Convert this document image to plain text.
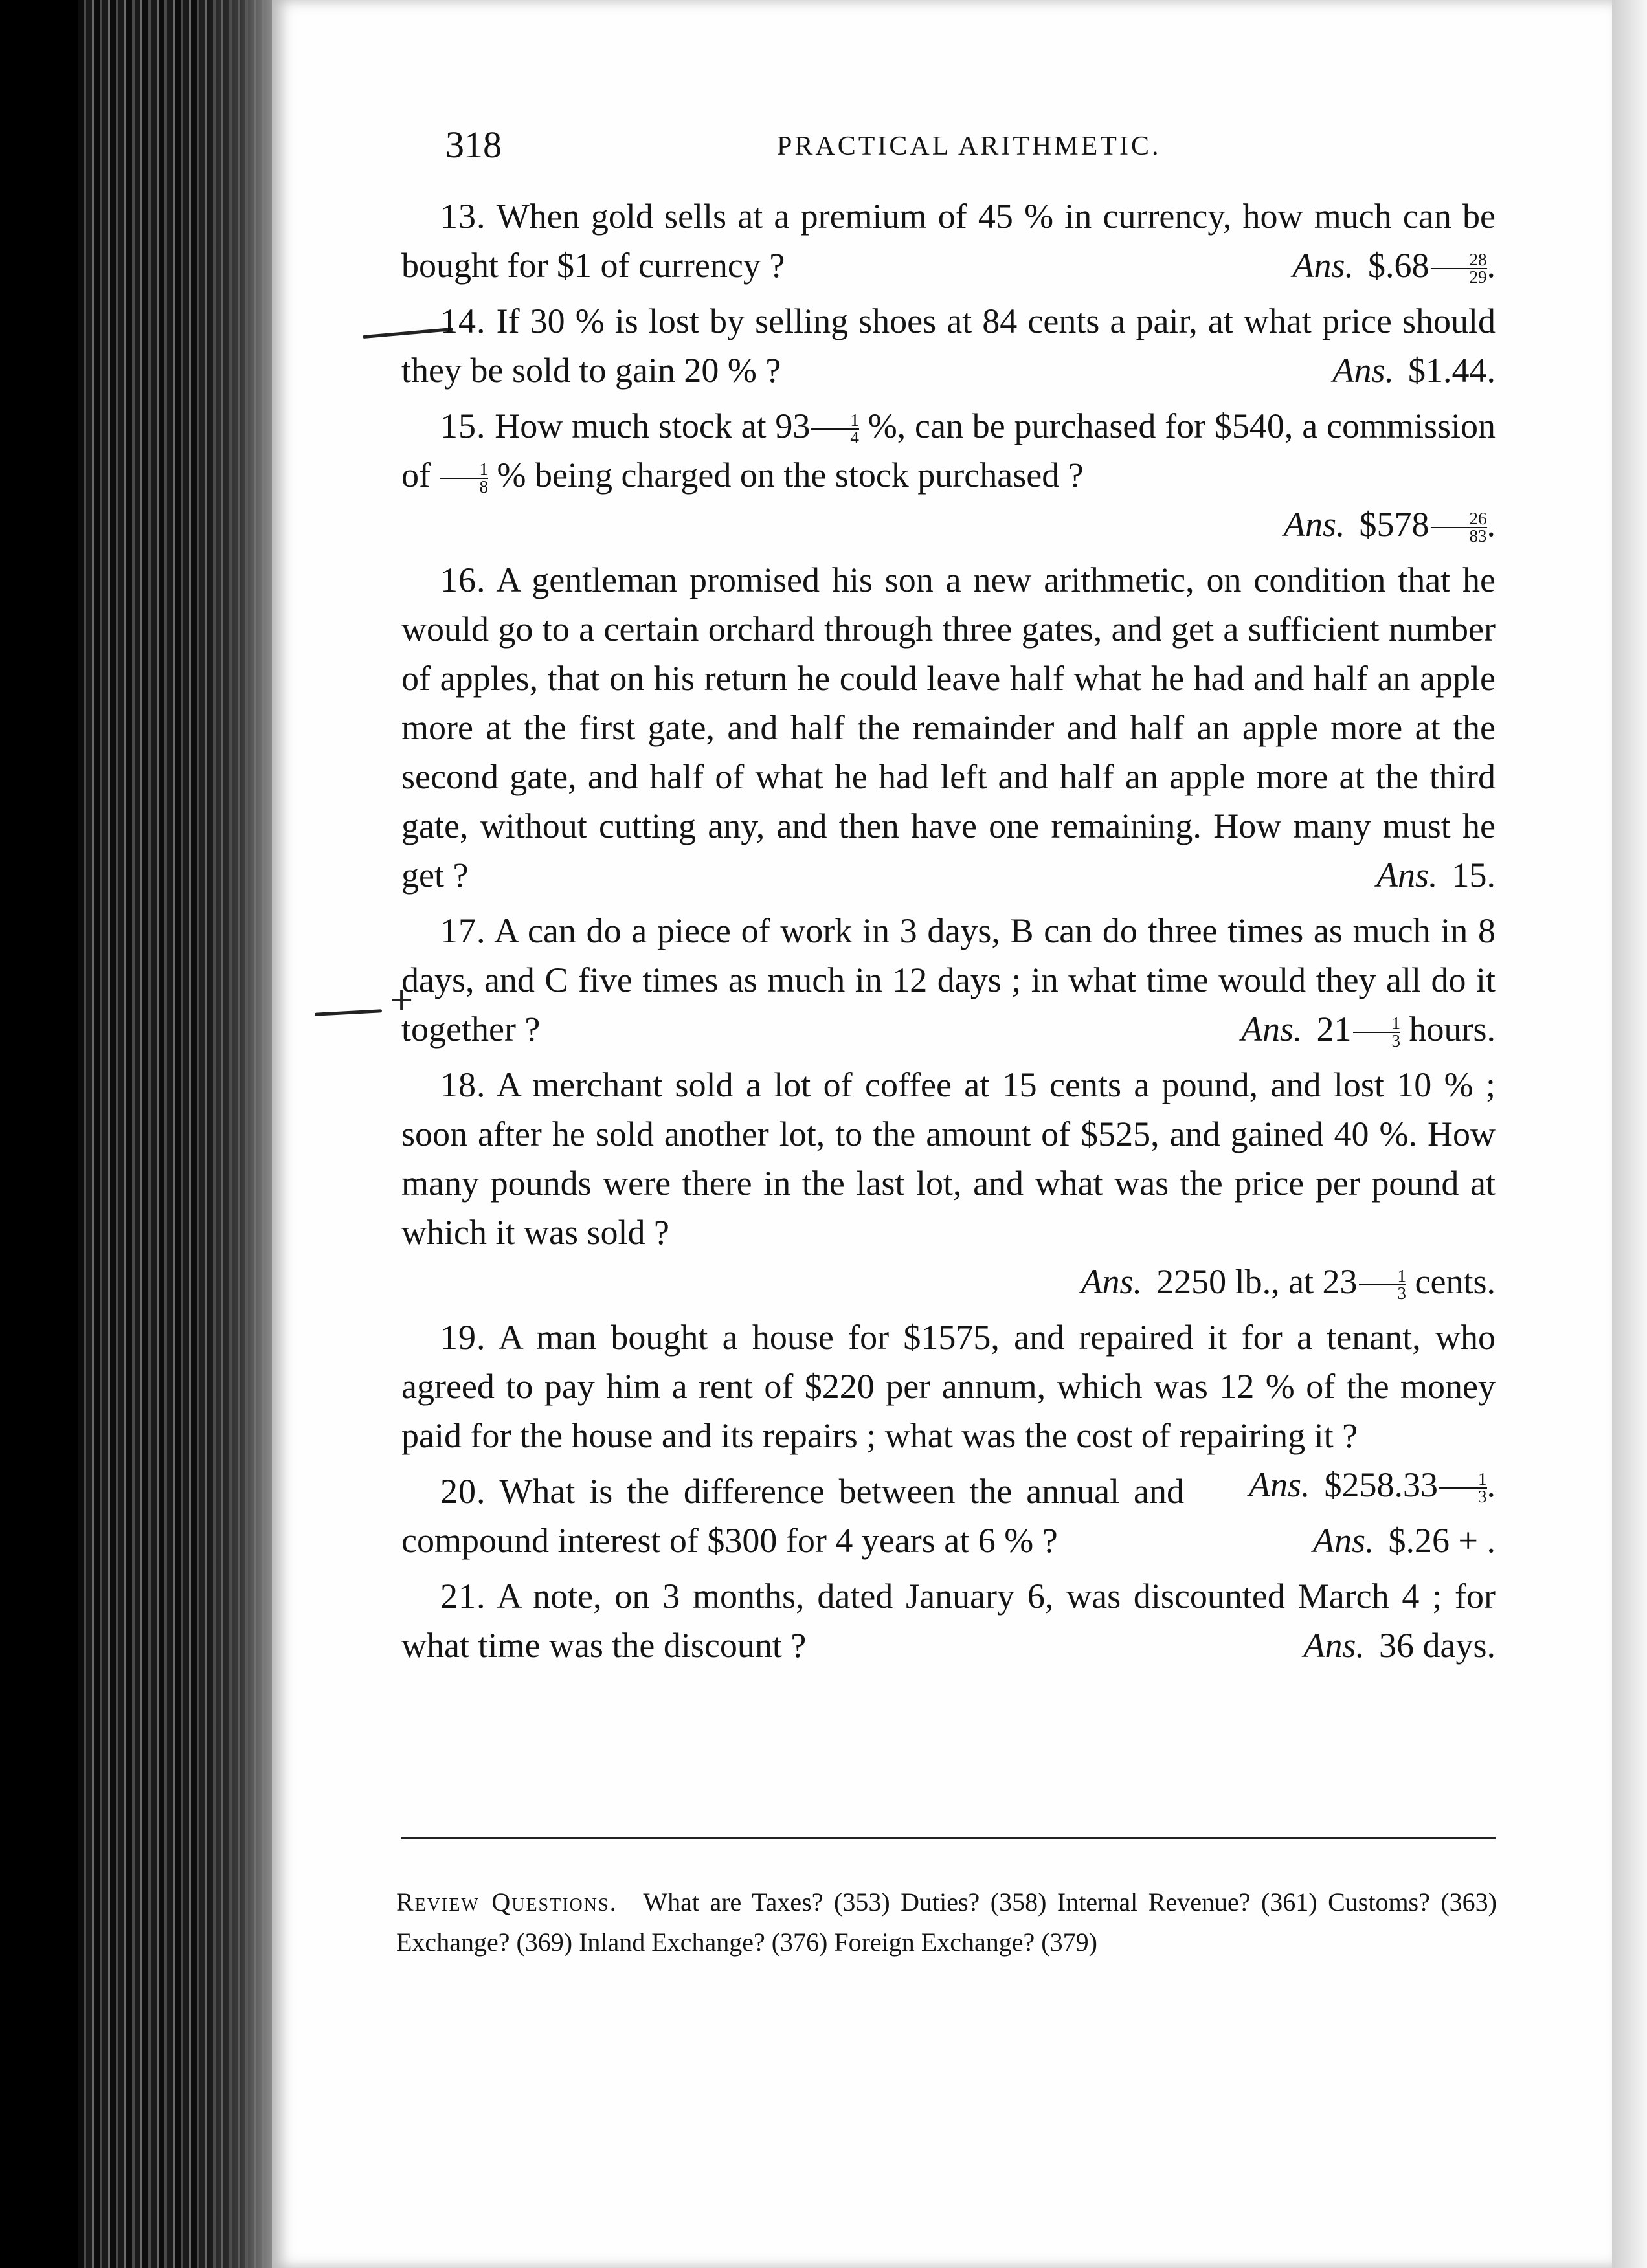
318	PRACTICAL ARITHMETIC.
+

13. When gold sells at a premium of 45 % in currency, how much can be bought for $1 of currency ?	Ans. $.68 $\frac{28}{29}$ .

14. If 30 % is lost by selling shoes at 84 cents a pair, at what price should they be sold to gain 20 % ?	Ans. $1.44.

15. How much stock at $93 \frac{1}{4}$ %, can be purchased for $540, a commission of $\frac{1}{8}$ % being charged on the stock purchased ?
Ans. $578 $\frac{26}{83}$ .

16. A gentleman promised his son a new arithmetic, on condition that he would go to a certain orchard through three gates, and get a sufficient number of apples, that on his return he could leave half what he had and half an apple more at the first gate, and half the remainder and half an apple more at the second gate, and half of what he had left and half an apple more at the third gate, without cutting any, and then have one remaining. How many must he get ?	Ans. 15.

17. A can do a piece of work in 3 days, B can do three times as much in 8 days, and C five times as much in 12 days ; in what time would they all do it together ?	Ans. $21 \frac{1}{3}$ hours.

18. A merchant sold a lot of coffee at 15 cents a pound, and lost 10 % ; soon after he sold another lot, to the amount of $525, and gained 40 %. How many pounds were there in the last lot, and what was the price per pound at which it was sold ?
Ans. 2250 lb., at $23 \frac{1}{3}$ cents.

19. A man bought a house for $1575, and repaired it for a tenant, who agreed to pay him a rent of $220 per annum, which was 12 % of the money paid for the house and its repairs ; what was the cost of repairing it ?
Ans. $258.33 $\frac{1}{3}$ .

20. What is the difference between the annual and compound interest of $300 for 4 years at 6 % ?	Ans. $.26 + .

21. A note, on 3 months, dated January 6, was discounted March 4 ; for what time was the discount ?	Ans. 36 days.

Review Questions. What are Taxes? (353) Duties? (358) Internal Revenue? (361) Customs? (363) Exchange? (369) Inland Exchange? (376) Foreign Exchange? (379)
